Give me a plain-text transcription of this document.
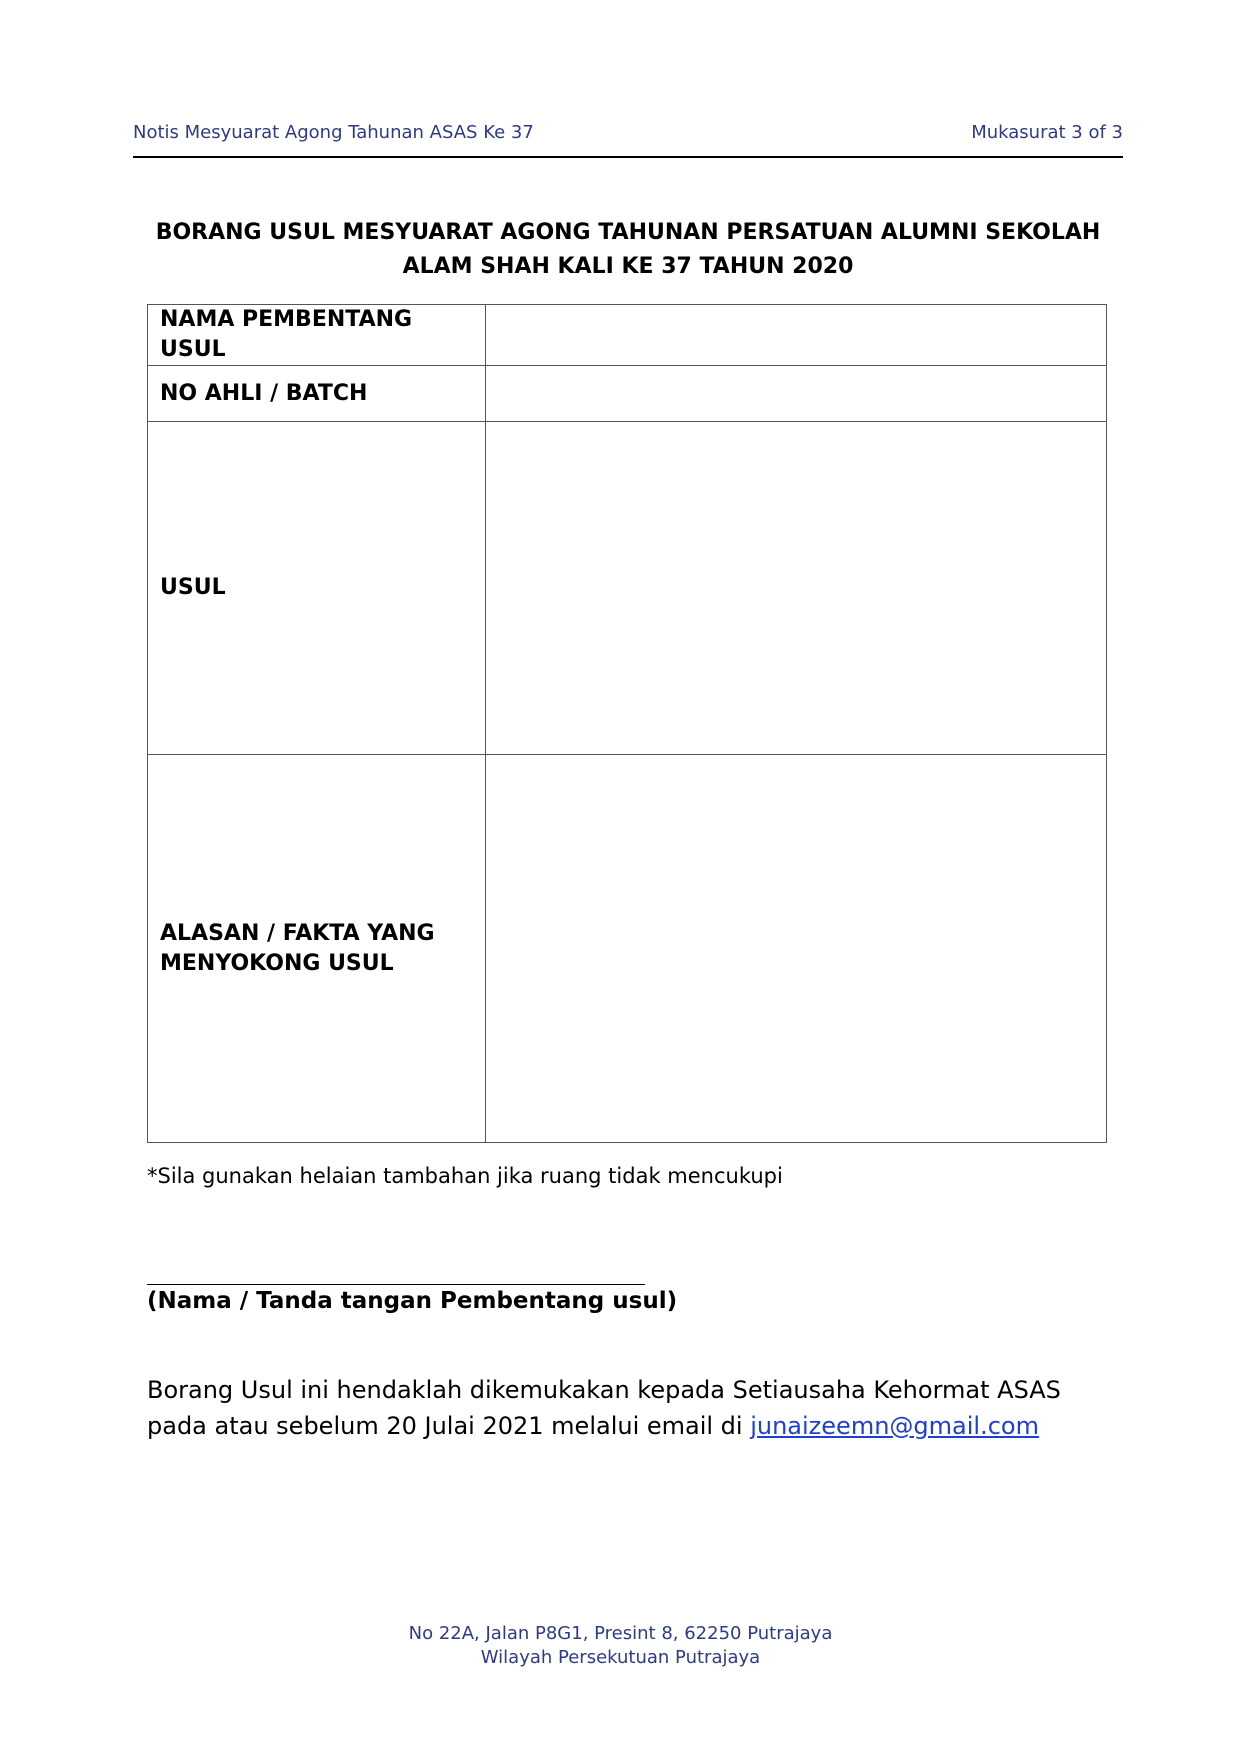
Notis Mesyuarat Agong Tahunan ASAS Ke 37	Mukasurat 3 of 3
BORANG USUL MESYUARAT AGONG TAHUNAN PERSATUAN ALUMNI SEKOLAH
ALAM SHAH KALI KE 37 TAHUN 2020
NAMA PEMBENTANG USUL	
NO AHLI / BATCH	
USUL	

ALASAN / FAKTA YANG
MENYOKONG USUL	

*Sila gunakan helaian tambahan jika ruang tidak mencukupi
(Nama / Tanda tangan Pembentang usul)
Borang Usul ini hendaklah dikemukakan kepada Setiausaha Kehormat ASAS
pada atau sebelum 20 Julai 2021 melalui email di junaizeemn@gmail.com
No 22A, Jalan P8G1, Presint 8, 62250 Putrajaya
Wilayah Persekutuan Putrajaya
